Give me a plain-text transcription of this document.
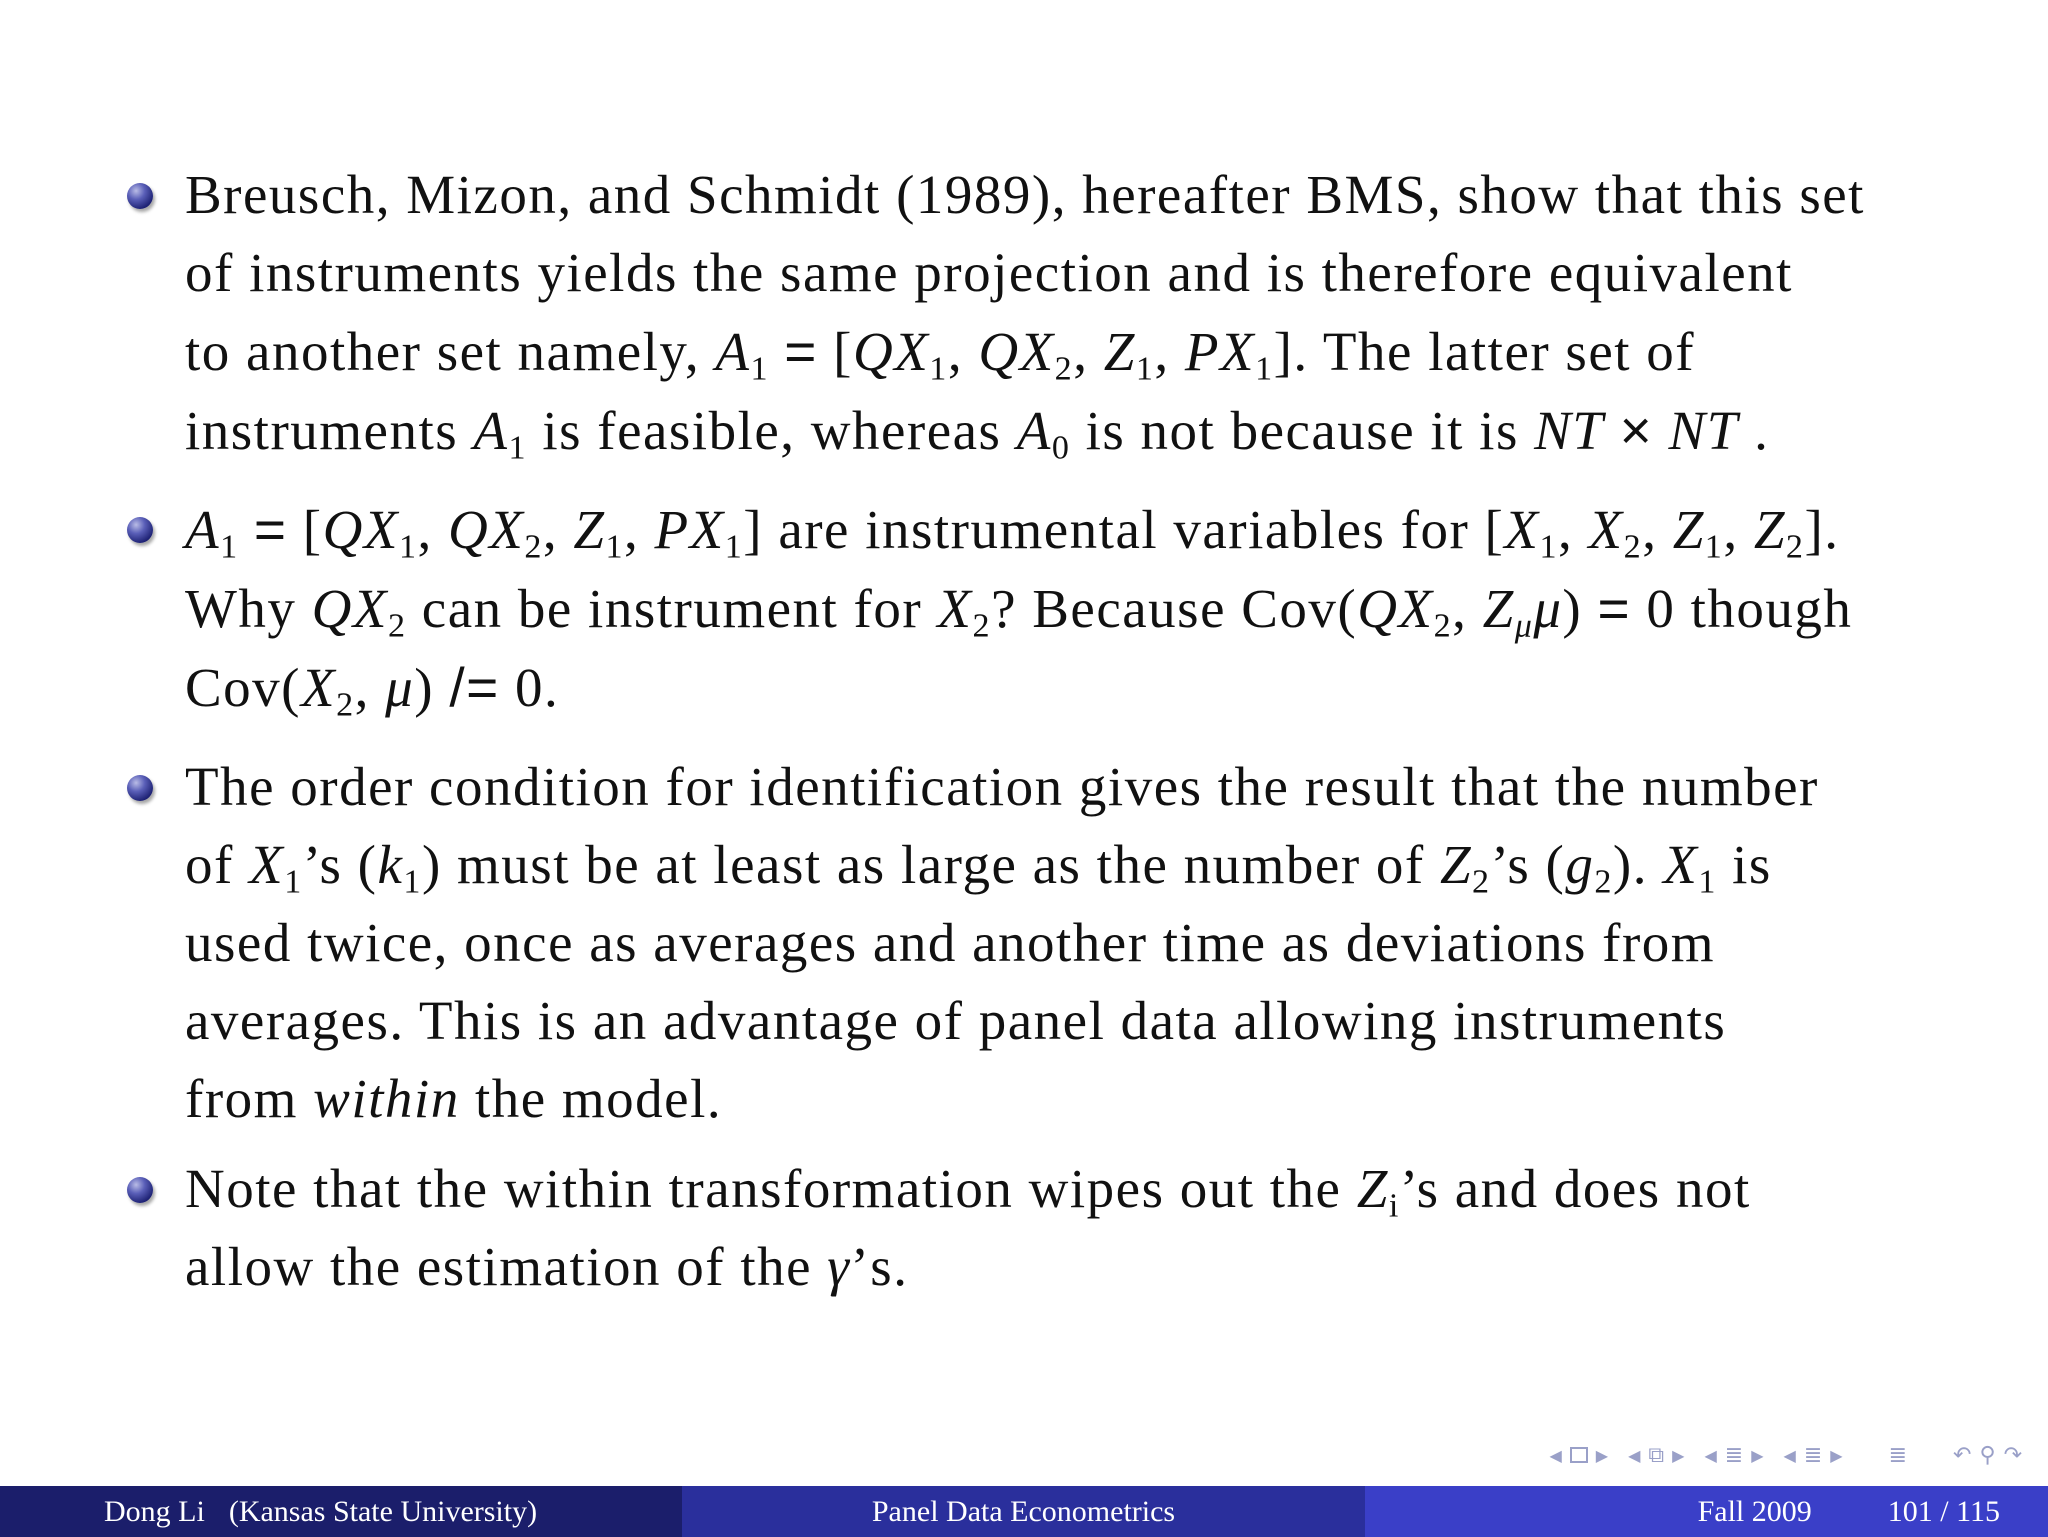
Breusch, Mizon, and Schmidt (1989), hereafter BMS, show that this set
of instruments yields the same projection and is therefore equivalent
to another set namely, $A_1 = [QX_1$, $QX_2$, $Z_1$, $PX_1$]. The latter set of
instruments $A_1$ is feasible, whereas $A_0$ is not because it is NT × NT .
$A_1 = [QX_1$, $QX_2$, $Z_1$, $PX_1$] are instrumental variables for [$X_1$, $X_2$, $Z_1$, $Z_2$].
Why $QX_2$ can be instrument for $X_2$? Because $Cov(QX_2$, $Z_\mu\mu) = 0$ though
$Cov(X_2$, μ) /= 0.
The order condition for identification gives the result that the number
of $X_1’s$ $(k_1)$ must be at least as large as the number of $Z_2’s$ $(g_2)$. $X_1$ is
used twice, once as averages and another time as deviations from
averages. This is an advantage of panel data allowing instruments
from within the model.
Note that the within transformation wipes out the $Z_i’s$ and does not
allow the estimation of the γ’s.
◀ ▶ ◀ ⧉ ▶ ◀ ≣ ▶ ◀ ≣ ▶ ≣ ↶ ⚲ ↷
Dong Li (Kansas State University)	Panel Data Econometrics	Fall 2009	101 / 115
